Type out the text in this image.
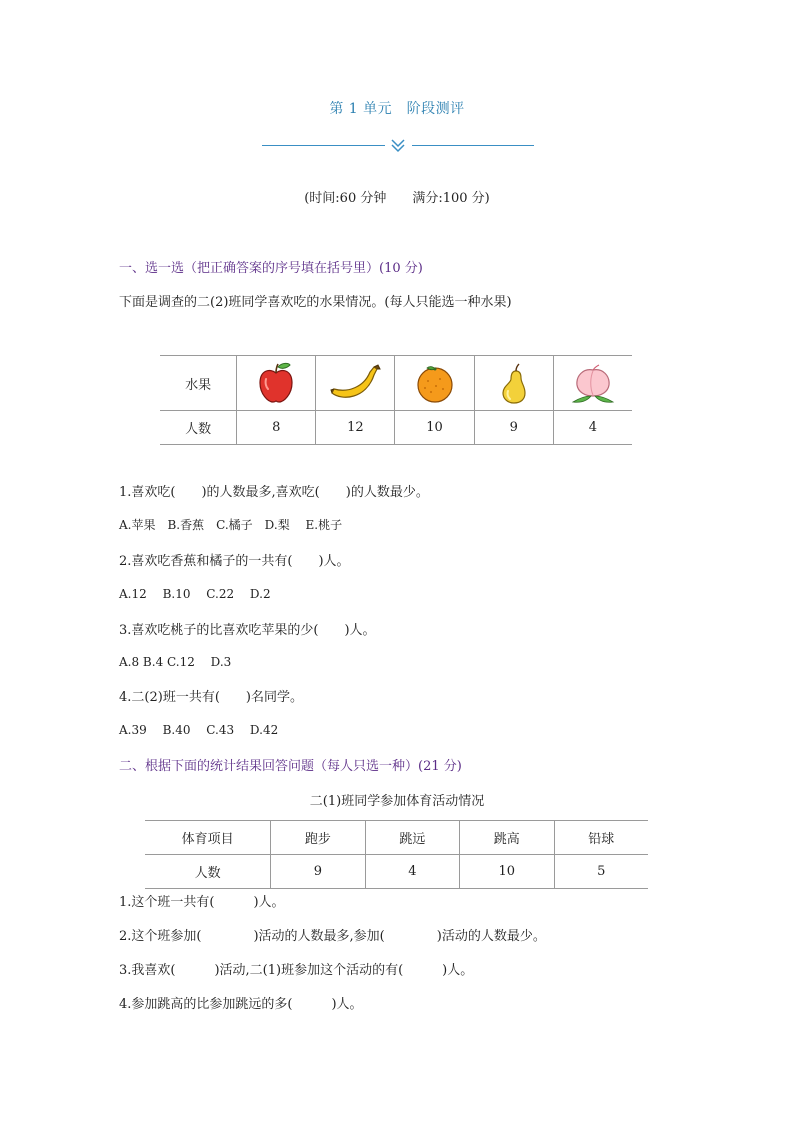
第 1 单元　阶段测评
(时间:60 分钟　　满分:100 分)
一、选一选（把正确答案的序号填在括号里）(10 分)
下面是调查的二(2)班同学喜欢吃的水果情况。(每人只能选一种水果)
水果	

人数	8	12	10	9	4
1.喜欢吃(　　)的人数最多,喜欢吃(　　)的人数最少。
A.苹果　B.香蕉　C.橘子　D.梨　 E.桃子
2.喜欢吃香蕉和橘子的一共有(　　)人。
A.12　 B.10　 C.22　 D.2
3.喜欢吃桃子的比喜欢吃苹果的少(　　)人。
A.8 B.4 C.12　 D.3
4.二(2)班一共有(　　)名同学。
A.39　 B.40　 C.43　 D.42
二、根据下面的统计结果回答问题（每人只选一种）(21 分)
二(1)班同学参加体育活动情况
体育项目	跑步	跳远	跳高	铅球
人数	9	4	10	5
1.这个班一共有(　　　)人。
2.这个班参加(　　　　)活动的人数最多,参加(　　　　)活动的人数最少。
3.我喜欢(　　　)活动,二(1)班参加这个活动的有(　　　)人。
4.参加跳高的比参加跳远的多(　　　)人。
